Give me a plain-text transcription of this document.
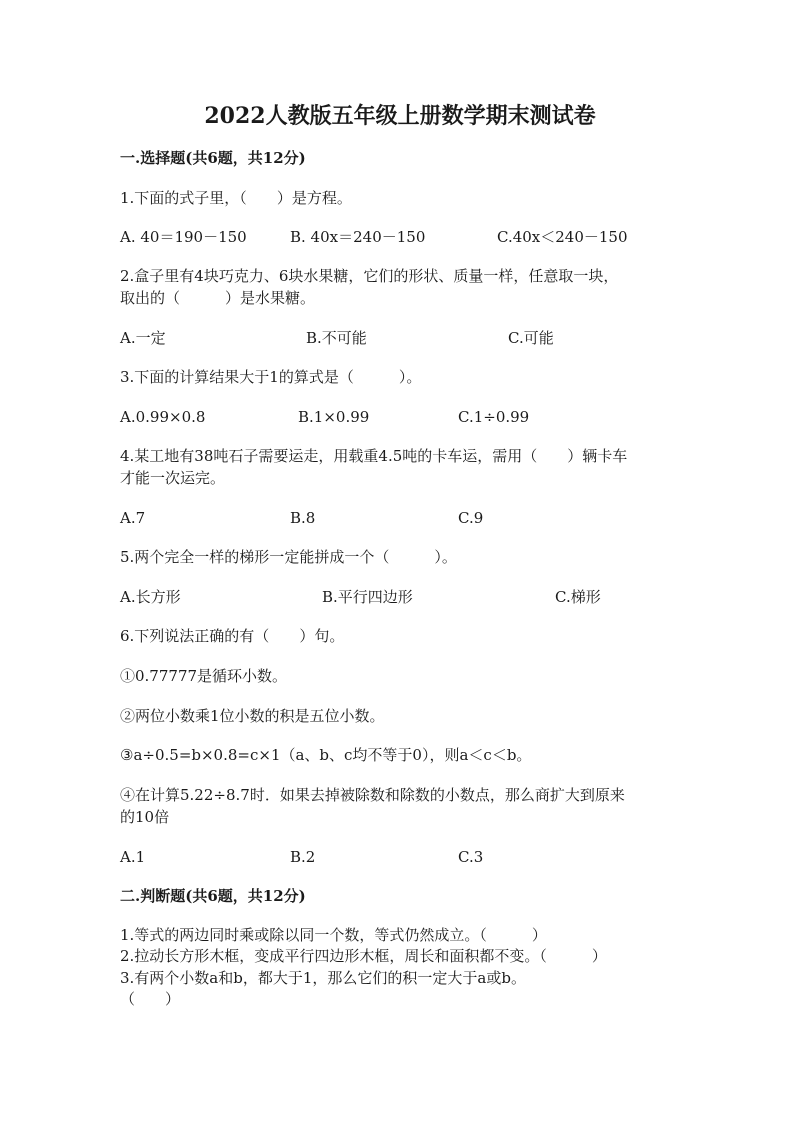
2022人教版五年级上册数学期末测试卷
一.选择题(共6题，共12分)
1.下面的式子里，（　　）是方程。
A. 40＝190－150	B. 40x＝240－150	C.40x＜240－150
2.盒子里有4块巧克力、6块水果糖，它们的形状、质量一样，任意取一块，
取出的（　　　）是水果糖。
A.一定	B.不可能	C.可能
3.下面的计算结果大于1的算式是（　　　）。
A.0.99×0.8	B.1×0.99	C.1÷0.99
4.某工地有38吨石子需要运走，用载重4.5吨的卡车运，需用（　　）辆卡车
才能一次运完。
A.7	B.8	C.9
5.两个完全一样的梯形一定能拼成一个（　　　）。
A.长方形	B.平行四边形	C.梯形
6.下列说法正确的有（　　）句。
①0.77777是循环小数。
②两位小数乘1位小数的积是五位小数。
③a÷0.5=b×0.8=c×1（a、b、c均不等于0），则a＜c＜b。
④在计算5.22÷8.7时．如果去掉被除数和除数的小数点，那么商扩大到原来
的10倍
A.1	B.2	C.3
二.判断题(共6题，共12分)
1.等式的两边同时乘或除以同一个数，等式仍然成立。（　　　）
2.拉动长方形木框，变成平行四边形木框，周长和面积都不变。（　　　）
3.有两个小数a和b，都大于1，那么它们的积一定大于a或b。
（　　）
